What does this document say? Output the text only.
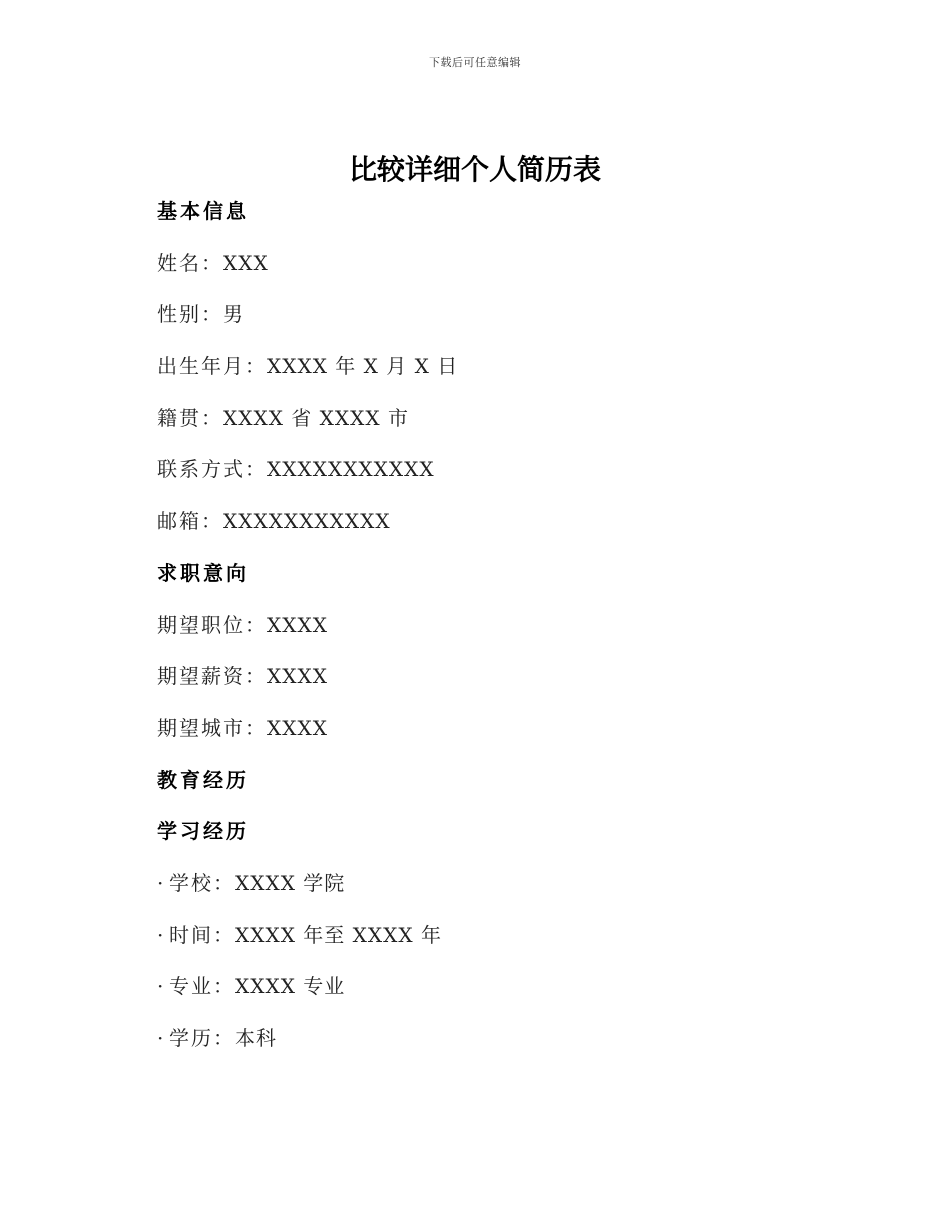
下载后可任意编辑
比较详细个人简历表
基本信息
姓名：XXX
性别：男
出生年月：XXXX 年 X 月 X 日
籍贯：XXXX 省 XXXX 市
联系方式：XXXXXXXXXXX
邮箱：XXXXXXXXXXX
求职意向
期望职位：XXXX
期望薪资：XXXX
期望城市：XXXX
教育经历
学习经历
· 学校：XXXX 学院
· 时间：XXXX 年至 XXXX 年
· 专业：XXXX 专业
· 学历：本科
